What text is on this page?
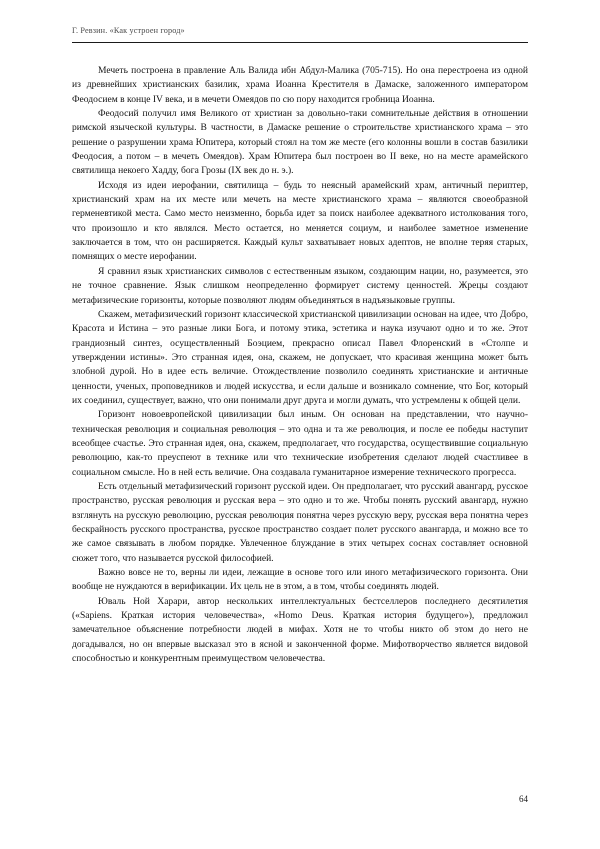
Г. Ревзин. «Как устроен город»

Мечеть построена в правление Аль Валида ибн Абдул-Малика (705-715). Но она перестроена из одной из древнейших христианских базилик, храма Иоанна Крестителя в Дамаске, заложенного императором Феодосием в конце IV века, и в мечети Омеядов по сю пору находится гробница Иоанна.

Феодосий получил имя Великого от христиан за довольно-таки сомнительные действия в отношении римской языческой культуры. В частности, в Дамаске решение о строительстве христианского храма – это решение о разрушении храма Юпитера, который стоял на том же месте (его колонны вошли в состав базилики Феодосия, а потом – в мечеть Омеядов). Храм Юпитера был построен во II веке, но на месте арамейского святилища некоего Хадду, бога Грозы (IX век до н. э.).

Исходя из идеи иерофании, святилища – будь то неясный арамейский храм, античный периптер, христианский храм на их месте или мечеть на месте христианского храма – являются своеобразной герменевтикой места. Само место неизменно, борьба идет за поиск наиболее адекватного истолкования того, что произошло и кто являлся. Место остается, но меняется социум, и наиболее заметное изменение заключается в том, что он расширяется. Каждый культ захватывает новых адептов, не вполне теряя старых, помнящих о месте иерофании.

Я сравнил язык христианских символов с естественным языком, создающим нации, но, разумеется, это не точное сравнение. Язык слишком неопределенно формирует систему ценностей. Жрецы создают метафизические горизонты, которые позволяют людям объединяться в надъязыковые группы.

Скажем, метафизический горизонт классической христианской цивилизации основан на идее, что Добро, Красота и Истина – это разные лики Бога, и потому этика, эстетика и наука изучают одно и то же. Этот грандиозный синтез, осуществленный Боэцием, прекрасно описал Павел Флоренский в «Столпе и утверждении истины». Это странная идея, она, скажем, не допускает, что красивая женщина может быть злобной дурой. Но в идее есть величие. Отождествление позволило соединять христианские и античные ценности, ученых, проповедников и людей искусства, и если дальше и возникало сомнение, что Бог, который их соединил, существует, важно, что они понимали друг друга и могли думать, что устремлены к общей цели.

Горизонт новоевропейской цивилизации был иным. Он основан на представлении, что научно-техническая революция и социальная революция – это одна и та же революция, и после ее победы наступит всеобщее счастье. Это странная идея, она, скажем, предполагает, что государства, осуществившие социальную революцию, как-то преуспеют в технике или что технические изобретения сделают людей счастливее в социальном смысле. Но в ней есть величие. Она создавала гуманитарное измерение технического прогресса.

Есть отдельный метафизический горизонт русской идеи. Он предполагает, что русский авангард, русское пространство, русская революция и русская вера – это одно и то же. Чтобы понять русский авангард, нужно взглянуть на русскую революцию, русская революция понятна через русскую веру, русская вера понятна через бескрайность русского пространства, русское пространство создает полет русского авангарда, и можно все то же самое связывать в любом порядке. Увлеченное блуждание в этих четырех соснах составляет основной сюжет того, что называется русской философией.

Важно вовсе не то, верны ли идеи, лежащие в основе того или иного метафизического горизонта. Они вообще не нуждаются в верификации. Их цель не в этом, а в том, чтобы соединять людей.

Юваль Ной Харари, автор нескольких интеллектуальных бестселлеров последнего десятилетия («Sapiens. Краткая история человечества», «Homo Deus. Краткая история будущего»), предложил замечательное объяснение потребности людей в мифах. Хотя не то чтобы никто об этом до него не догадывался, но он впервые высказал это в ясной и законченной форме. Мифотворчество является видовой способностью и конкурентным преимуществом человечества.

64
